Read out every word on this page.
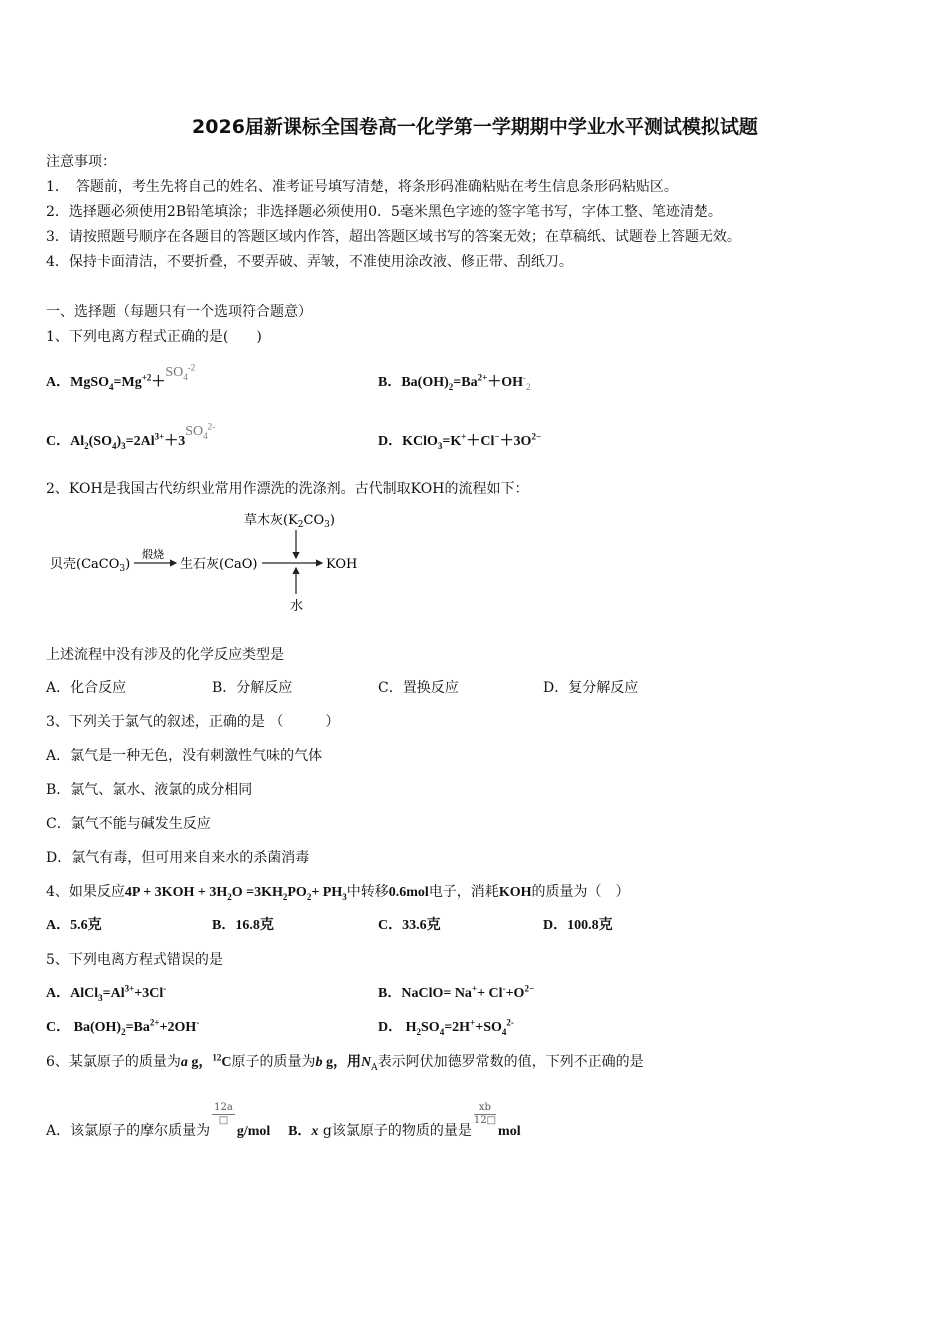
2026届新课标全国卷高一化学第一学期期中学业水平测试模拟试题
注意事项：
1．　答题前，考生先将自己的姓名、准考证号填写清楚，将条形码准确粘贴在考生信息条形码粘贴区。
2．选择题必须使用2B铅笔填涂；非选择题必须使用0．5毫米黑色字迹的签字笔书写，字体工整、笔迹清楚。
3．请按照题号顺序在各题目的答题区域内作答，超出答题区域书写的答案无效；在草稿纸、试题卷上答题无效。
4．保持卡面清洁，不要折叠，不要弄破、弄皱，不准使用涂改液、修正带、刮纸刀。
一、选择题（每题只有一个选项符合题意）
1、下列电离方程式正确的是(　　)
A．$MgSO_4=Mg^{+2}+SO_4^{-2}$
B．$Ba(OH)_2=Ba^{2+}+OH^-_2$
C．$Al_2(SO_4)_3=2Al^{3+}+3SO_4^{2-}$
D．$KClO_3=K^++Cl^-+3O^{2-}$
2、KOH是我国古代纺织业常用作漂洗的洗涤剂。古代制取KOH的流程如下：
草木灰$(K_2CO_3)$
贝壳(CaCO$_3$)
煅烧
生石灰(CaO)	KOH
水
上述流程中没有涉及的化学反应类型是
A．化合反应	B．分解反应	C．置换反应	D．复分解反应
3、下列关于氯气的叙述，正确的是 （　　　）
A．氯气是一种无色，没有刺激性气味的气体
B．氯气、氯水、液氯的成分相同
C．氯气不能与碱发生反应
D．氯气有毒，但可用来自来水的杀菌消毒
4、如果反应$4P + 3KOH + 3H_2O =3KH_2PO_2+ PH_3$中转移0.6mol电子，消耗KOH的质量为（　）
A．5.6克	B．16.8克	C．33.6克	D．100.8克
5、下列电离方程式错误的是
A．$AlCl_3=Al^{3+}+3Cl^-$	B．NaClO= $Na^++ Cl^-+O^{2-}$
C． $Ba(OH)_2=Ba^{2+}+2OH^-$	D． $H_2SO_4=2H^++SO_4^{2-}$
6、某氯原子的质量为a g，$^{12}$C原子的质量为b g，用$N_A$表示阿伏加德罗常数的值，下列不正确的是
A．该氯原子的摩尔质量为
$\frac{12a}{□}$
g/mol B．x g该氯原子的物质的量是
$\frac{xb}{12□}$
mol
